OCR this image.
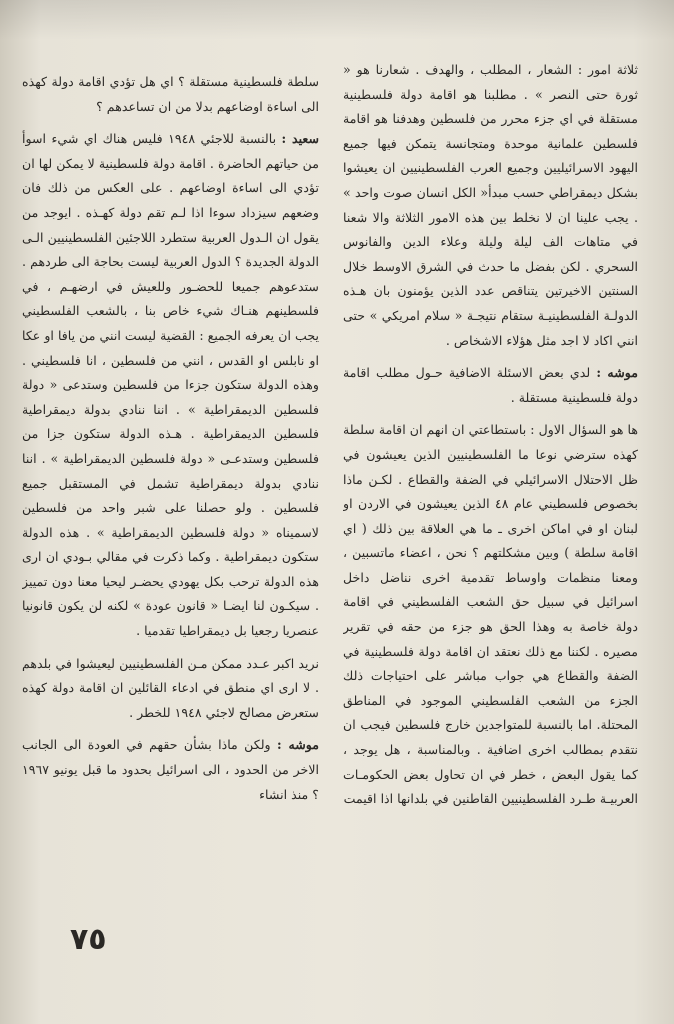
ثلاثة امور : الشعار ، المطلب ، والهدف . شعارنا هو « ثورة حتى النصر » . مطلبنا هو اقامة دولة فلسطينية مستقلة في اي جزء محرر من فلسطين وهدفنا هو اقامة فلسطين علمانية موحدة ومتجانسة يتمكن فيها جميع اليهود الاسرائيليين وجميع العرب الفلسطينيين ان يعيشوا بشكل ديمقراطي حسب مبدأ« الكل انسان صوت واحد » . يجب علينا ان لا نخلط بين هذه الامور الثلاثة والا شعنا في متاهات الف ليلة وليلة وعلاء الدين والفانوس السحري . لكن بفضل ما حدث في الشرق الاوسط خلال السنتين الاخيرتين يتناقص عدد الذين يؤمنون بان هـذه الدولـة الفلسطينيـة ستقام نتيجـة « سلام امريكي » حتى انني اكاد لا اجد مثل هؤلاء الاشخاص .

موشه : لدي بعض الاسئلة الاضافية حـول مطلب اقامة دولة فلسطينية مستقلة .

ها هو السؤال الاول : باستطاعتي ان انهم ان اقامة سلطة كهذه سترضي نوعا ما الفلسطينيين الذين يعيشون في ظل الاحتلال الاسرائيلي في الضفة والقطاع . لكـن ماذا بخصوص فلسطيني عام ٤٨ الذين يعيشون في الاردن او لبنان او في اماكن اخرى ـ ما هي العلاقة بين ذلك ( اي اقامة سلطة ) وبين مشكلتهم ؟ نحن ، اعضاء ماتسبين ، ومعنا منظمات واوساط تقدمية اخرى نناضل داخل اسرائيل في سبيل حق الشعب الفلسطيني في اقامة دولة خاصة به وهذا الحق هو جزء من حقه في تقرير مصيره . لكننا مع ذلك نعتقد ان اقامة دولة فلسطينية في الضفة والقطاع هي جواب مباشر على احتياجات ذلك الجزء من الشعب الفلسطيني الموجود في المناطق المحتلة. اما بالنسبة للمتواجدين خارج فلسطين فيجب ان نتقدم بمطالب اخرى اضافية . وبالمناسبة ، هل يوجد ، كما يقول البعض ، خطر في ان تحاول بعض الحكومـات العربيـة طـرد الفلسطينيين القاطنين في بلدانها اذا اقيمت

سلطة فلسطينية مستقلة ؟ اي هل تؤدي اقامة دولة كهذه الى اساءة اوضاعهم بدلا من ان تساعدهم ؟

سعيد : بالنسبة للاجئي ١٩٤٨ فليس هناك اي شيء اسوأ من حياتهم الحاضرة . اقامة دولة فلسطينية لا يمكن لها ان تؤدي الى اساءة اوضاعهم . على العكس من ذلك فان وضعهم سيزداد سوءا اذا لـم تقم دولة كهـذه . ايوجد من يقول ان الـدول العربية ستطرد اللاجئين الفلسطينيين الـى الدولة الجديدة ؟ الدول العربية ليست بحاجة الى طردهم . ستدعوهم جميعا للحضـور وللعيش في ارضهـم ، في فلسطينهم هنـاك شيء خاص بنا ، بالشعب الفلسطيني يجب ان يعرفه الجميع : القضية ليست انني من يافا او عكا او نابلس او القدس ، انني من فلسطين ، انا فلسطيني . وهذه الدولة ستكون جزءا من فلسطين وستدعى « دولة فلسطين الديمقراطية » . اننا ننادي بدولة ديمقراطية فلسطين الديمقراطية . هـذه الدولة ستكون جزا من فلسطين وستدعـى « دولة فلسطين الديمقراطية » . اننا ننادي بدولة ديمقراطية تشمل في المستقبل جميع فلسطين . ولو حصلنا على شبر واحد من فلسطين لاسميناه « دولة فلسطين الديمقراطية » . هذه الدولة ستكون ديمقراطية . وكما ذكرت في مقالي بـودي ان ارى هذه الدولة ترحب بكل يهودي يحضـر ليحيا معنا دون تمييز . سيكـون لنا ايضـا « قانون عودة » لكنه لن يكون قانونيا عنصريا رجعيا بل ديمقراطيا تقدميا .

نريد اكبر عـدد ممكن مـن الفلسطينيين ليعيشوا في بلدهم . لا ارى اي منطق في ادعاء القائلين ان اقامة دولة كهذه ستعرض مصالح لاجئي ١٩٤٨ للخطر .

موشه : ولكن ماذا بشأن حقهم في العودة الى الجانب الاخر من الحدود ، الى اسرائيل بحدود ما قبل يونيو ١٩٦٧ ؟ منذ انشاء

٧٥
